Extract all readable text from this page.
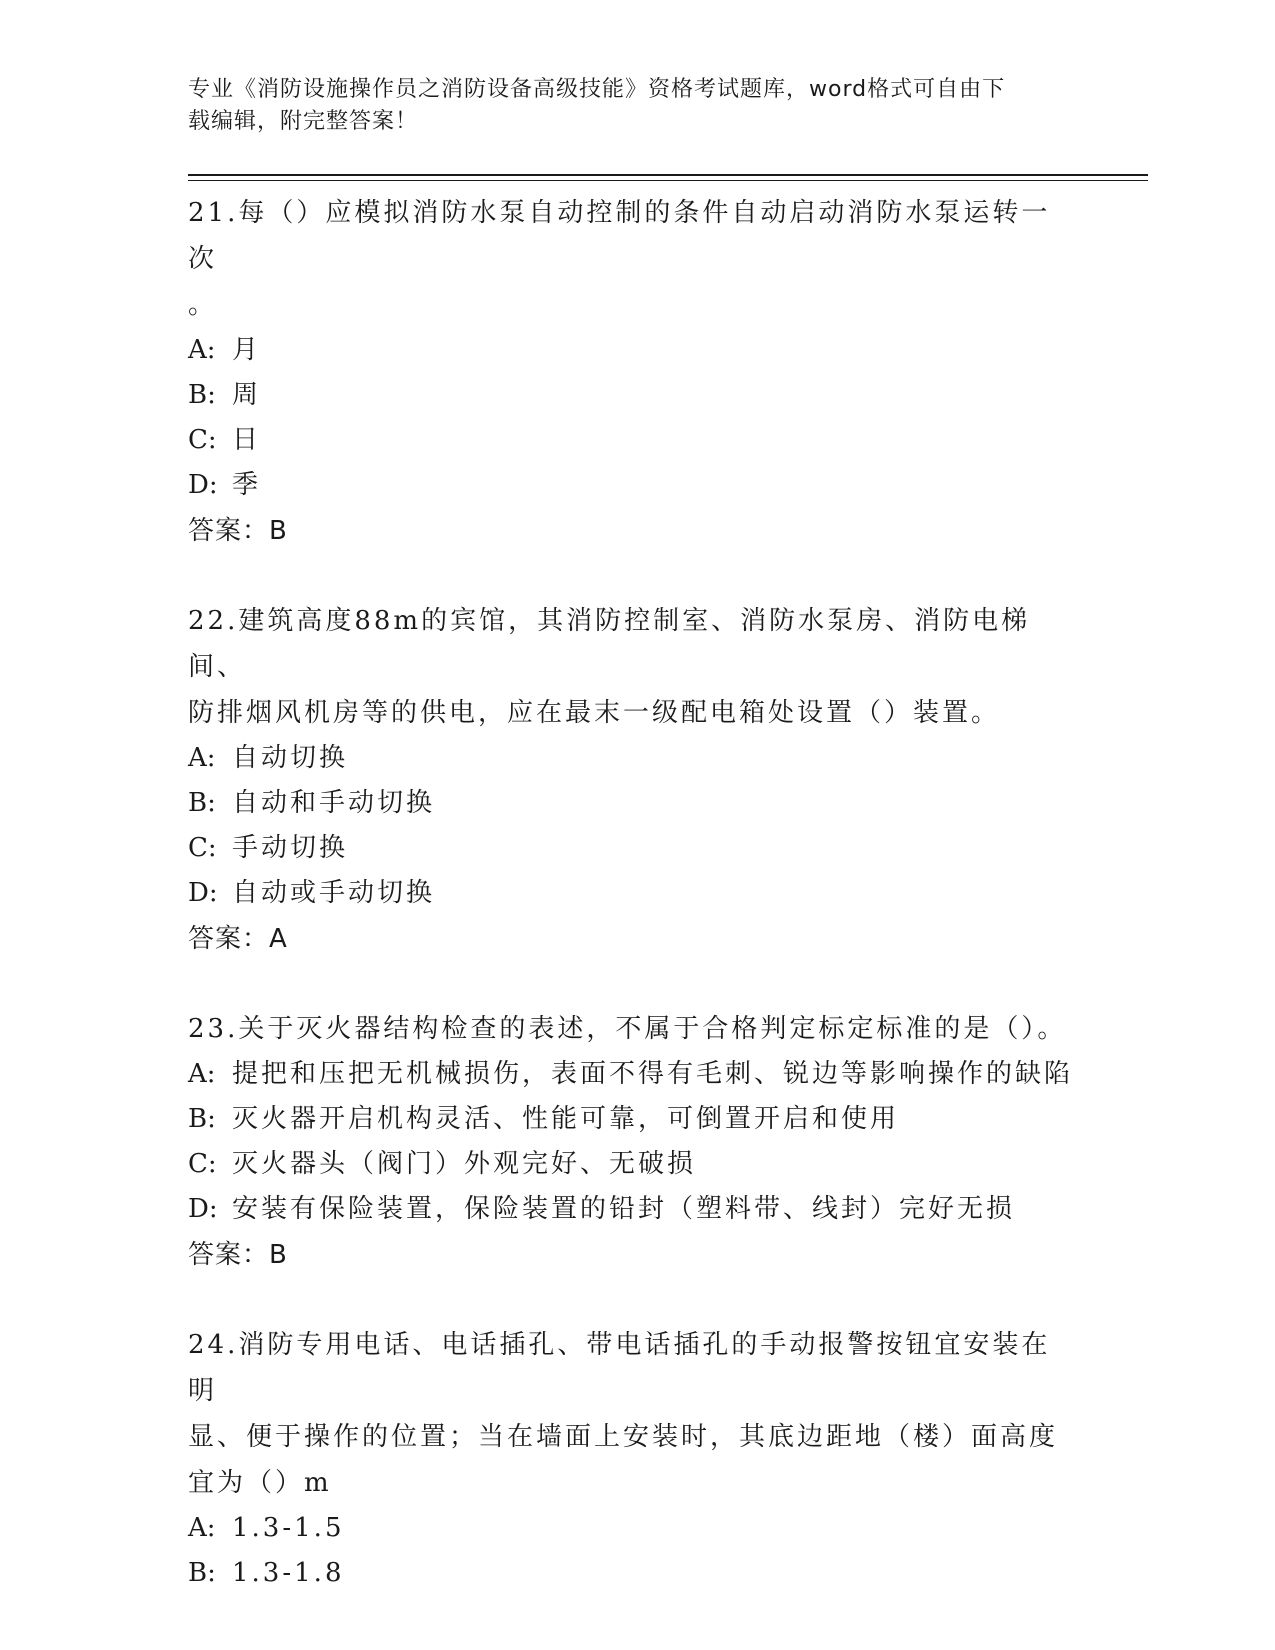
专业《消防设施操作员之消防设备高级技能》资格考试题库，word格式可自由下
载编辑，附完整答案！
21.每（）应模拟消防水泵自动控制的条件自动启动消防水泵运转一次
。
A: 月
B: 周
C: 日
D: 季
答案：B
22.建筑高度88m的宾馆，其消防控制室、消防水泵房、消防电梯间、
防排烟风机房等的供电，应在最末一级配电箱处设置（）装置。
A: 自动切换
B: 自动和手动切换
C: 手动切换
D: 自动或手动切换
答案：A
23.关于灭火器结构检查的表述，不属于合格判定标定标准的是（）。
A: 提把和压把无机械损伤，表面不得有毛刺、锐边等影响操作的缺陷
B: 灭火器开启机构灵活、性能可靠，可倒置开启和使用
C: 灭火器头（阀门）外观完好、无破损
D: 安装有保险装置，保险装置的铅封（塑料带、线封）完好无损
答案：B
24.消防专用电话、电话插孔、带电话插孔的手动报警按钮宜安装在明
显、便于操作的位置；当在墙面上安装时，其底边距地（楼）面高度
宜为（）m
A: 1.3-1.5
B: 1.3-1.8
